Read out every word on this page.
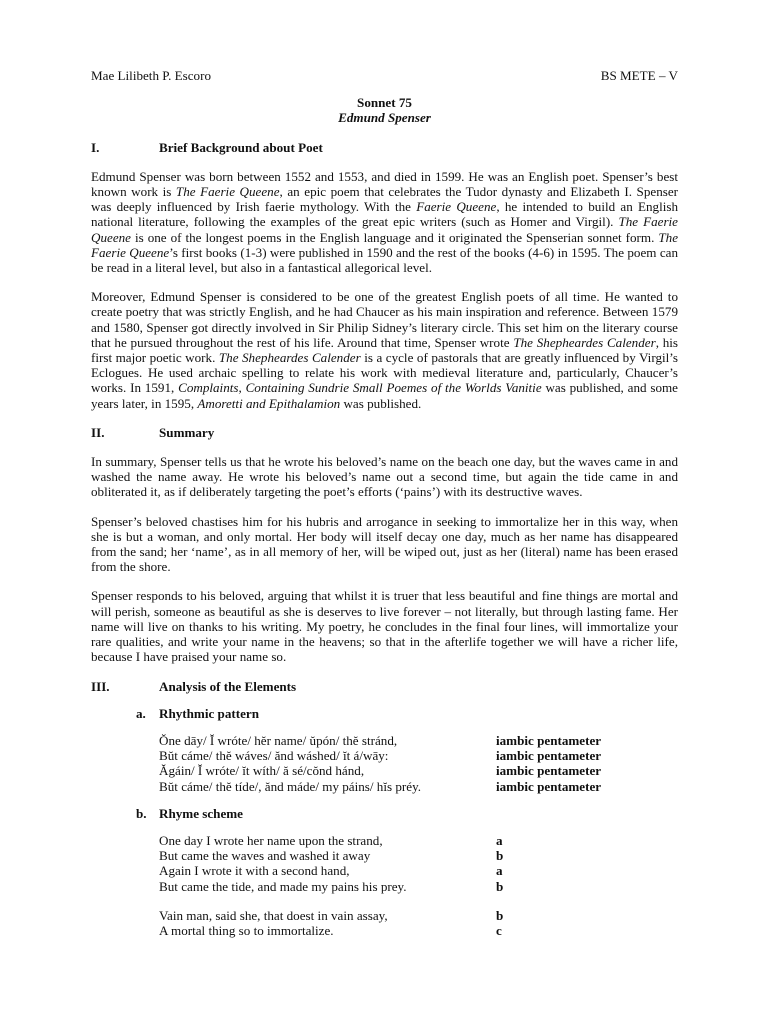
Mae Lilibeth P. Escoro	BS METE – V
Sonnet 75
Edmund Spenser
I.	Brief Background about Poet
Edmund Spenser was born between 1552 and 1553, and died in 1599. He was an English poet. Spenser’s best known work is The Faerie Queene, an epic poem that celebrates the Tudor dynasty and Elizabeth I. Spenser was deeply influenced by Irish faerie mythology. With the Faerie Queene, he intended to build an English national literature, following the examples of the great epic writers (such as Homer and Virgil). The Faerie Queene is one of the longest poems in the English language and it originated the Spenserian sonnet form. The Faerie Queene’s first books (1-3) were published in 1590 and the rest of the books (4-6) in 1595. The poem can be read in a literal level, but also in a fantastical allegorical level.
Moreover, Edmund Spenser is considered to be one of the greatest English poets of all time. He wanted to create poetry that was strictly English, and he had Chaucer as his main inspiration and reference. Between 1579 and 1580, Spenser got directly involved in Sir Philip Sidney’s literary circle. This set him on the literary course that he pursued throughout the rest of his life. Around that time, Spenser wrote The Shepheardes Calender, his first major poetic work. The Shepheardes Calender is a cycle of pastorals that are greatly influenced by Virgil’s Eclogues. He used archaic spelling to relate his work with medieval literature and, particularly, Chaucer’s works. In 1591, Complaints, Containing Sundrie Small Poemes of the Worlds Vanitie was published, and some years later, in 1595, Amoretti and Epithalamion was published.
II.	Summary
In summary, Spenser tells us that he wrote his beloved’s name on the beach one day, but the waves came in and washed the name away. He wrote his beloved’s name out a second time, but again the tide came in and obliterated it, as if deliberately targeting the poet’s efforts (‘pains’) with its destructive waves.
Spenser’s beloved chastises him for his hubris and arrogance in seeking to immortalize her in this way, when she is but a woman, and only mortal. Her body will itself decay one day, much as her name has disappeared from the sand; her ‘name’, as in all memory of her, will be wiped out, just as her (literal) name has been erased from the shore.
Spenser responds to his beloved, arguing that whilst it is truer that less beautiful and fine things are mortal and will perish, someone as beautiful as she is deserves to live forever – not literally, but through lasting fame. Her name will live on thanks to his writing. My poetry, he concludes in the final four lines, will immortalize your rare qualities, and write your name in the heavens; so that in the afterlife together we will have a richer life, because I have praised your name so.
III.	Analysis of the Elements
a.	Rhythmic pattern
Ŏne dāy/ Ĭ wróte/ hĕr name/ ŭpón/ thĕ stránd,	iambic pentameter
Bŭt cáme/ thĕ wáves/ ănd wáshed/ ĭt á/wāy:	iambic pentameter
Ăgáin/ Ĭ wróte/ ĭt wíth/ ă sé/cŏnd hánd,	iambic pentameter
Bŭt cáme/ thĕ tíde/, ănd máde/ my páins/ hĭs préy.	iambic pentameter
b. Rhyme scheme
One day I wrote her name upon the strand,	a
But came the waves and washed it away	b
Again I wrote it with a second hand,	a
But came the tide, and made my pains his prey.	b
Vain man, said she, that doest in vain assay,	b
A mortal thing so to immortalize.	c
